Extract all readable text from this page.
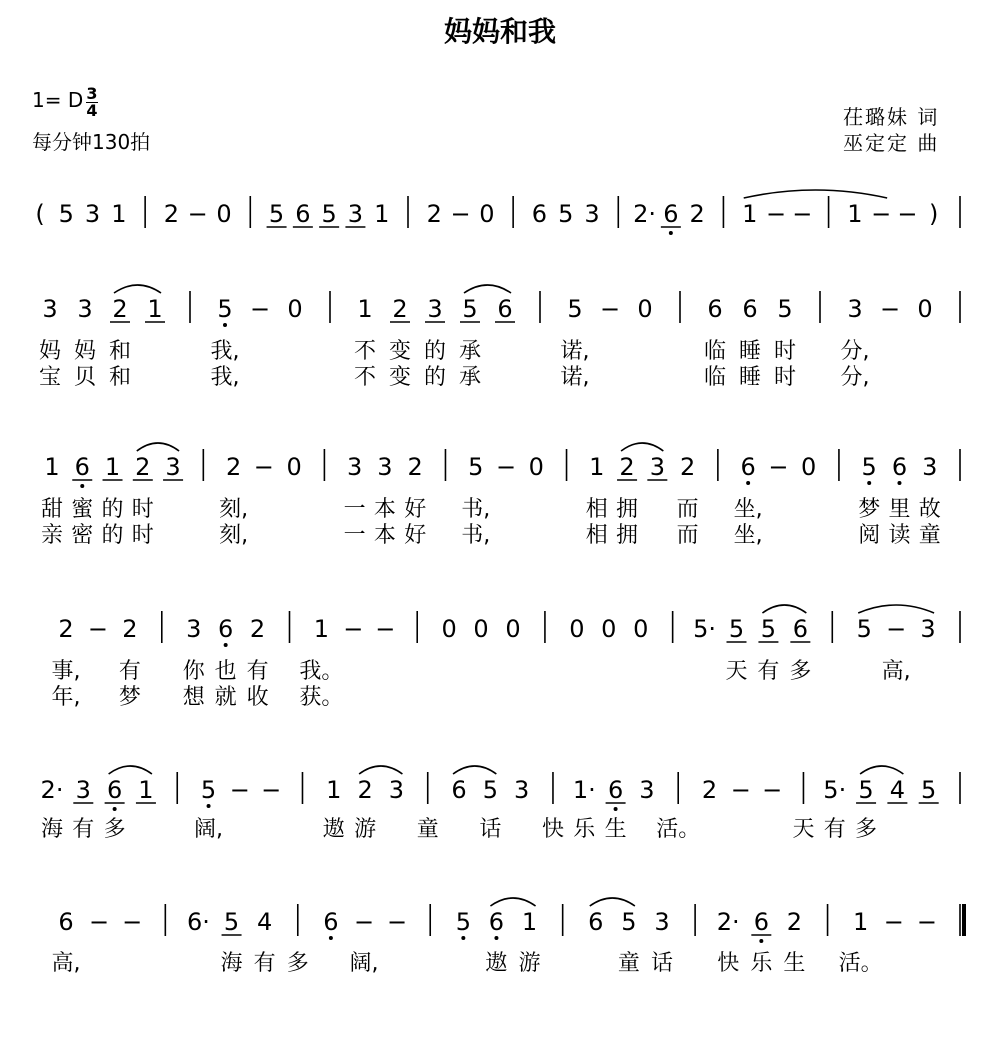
妈妈和我
1= D 3
4
每分钟130拍
茌璐妹 词
巫定定 曲
( 5 3 1 2 − 0 5 6 5 3 1 2 − 0 6 5 3 2· 6 2 1 − − 1 − − )
3 3 2 1 5 − 0 1 2 3 5 6 5 − 0 6 6 5 3 − 0
妈 妈 和	我,	不 变 的 承	诺,	临 睡 时 分,
宝 贝 和	我,	不 变 的 承	诺,	临 睡 时 分,
1 6 1 2 3 2 − 0 3 3 2 5 − 0 1 2 3 2 6 − 0 5 6 3
甜 蜜 的 时	刻,	一 本 好 书,	相 拥 而 坐,	梦 里 故
亲 密 的 时	刻,	一 本 好 书,	相 拥 而 坐,	阅 读 童
2 − 2 3 6 2 1 − − 0 0 0 0 0 0 5· 5 5 6 5 − 3
事, 有 你 也 有 我。	天 有 多	高,
年, 梦 想 就 收 获。
2· 3 6 1 5 − − 1 2 3 6 5 3 1· 6 3 2 − − 5· 5 4 5
海 有 多	阔,	遨 游 童 话 快 乐 生 活。	天 有 多
6 − − 6· 5 4 6 − − 5 6 1 6 5 3 2· 6 2 1 − −
高,	海 有 多 阔,	遨 游	童 话 快 乐 生 活。
